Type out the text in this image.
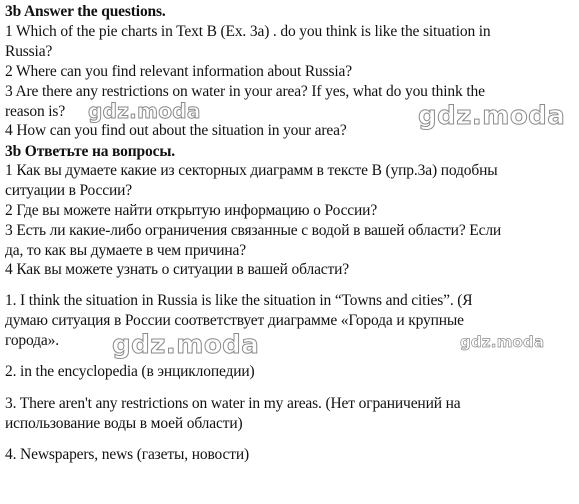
3b Answer the questions.
1 Which of the pie charts in Text B (Ex. 3a) . do you think is like the situation in
Russia?
2 Where can you find relevant information about Russia?
3 Are there any restrictions on water in your area? If yes, what do you think the
reason is?
4 How can you find out about the situation in your area?
3b Ответьте на вопросы.
1 Как вы думаете какие из секторных диаграмм в тексте В (упр.3а) подобны
ситуации в России?
2 Где вы можете найти открытую информацию о России?
3 Есть ли какие-либо ограничения связанные с водой в вашей области? Если
да, то как вы думаете в чем причина?
4 Как вы можете узнать о ситуации в вашей области?
1. I think the situation in Russia is like the situation in “Towns and cities”. (Я
думаю ситуация в России соответствует диаграмме «Города и крупные
города».
2. in the encyclopedia (в энциклопедии)
3. There aren't any restrictions on water in my areas. (Нет ограничений на
использование воды в моей области)
4. Newspapers, news (газеты, новости)
gdz.moda	gdz.moda
gdz.moda	gdz.moda
